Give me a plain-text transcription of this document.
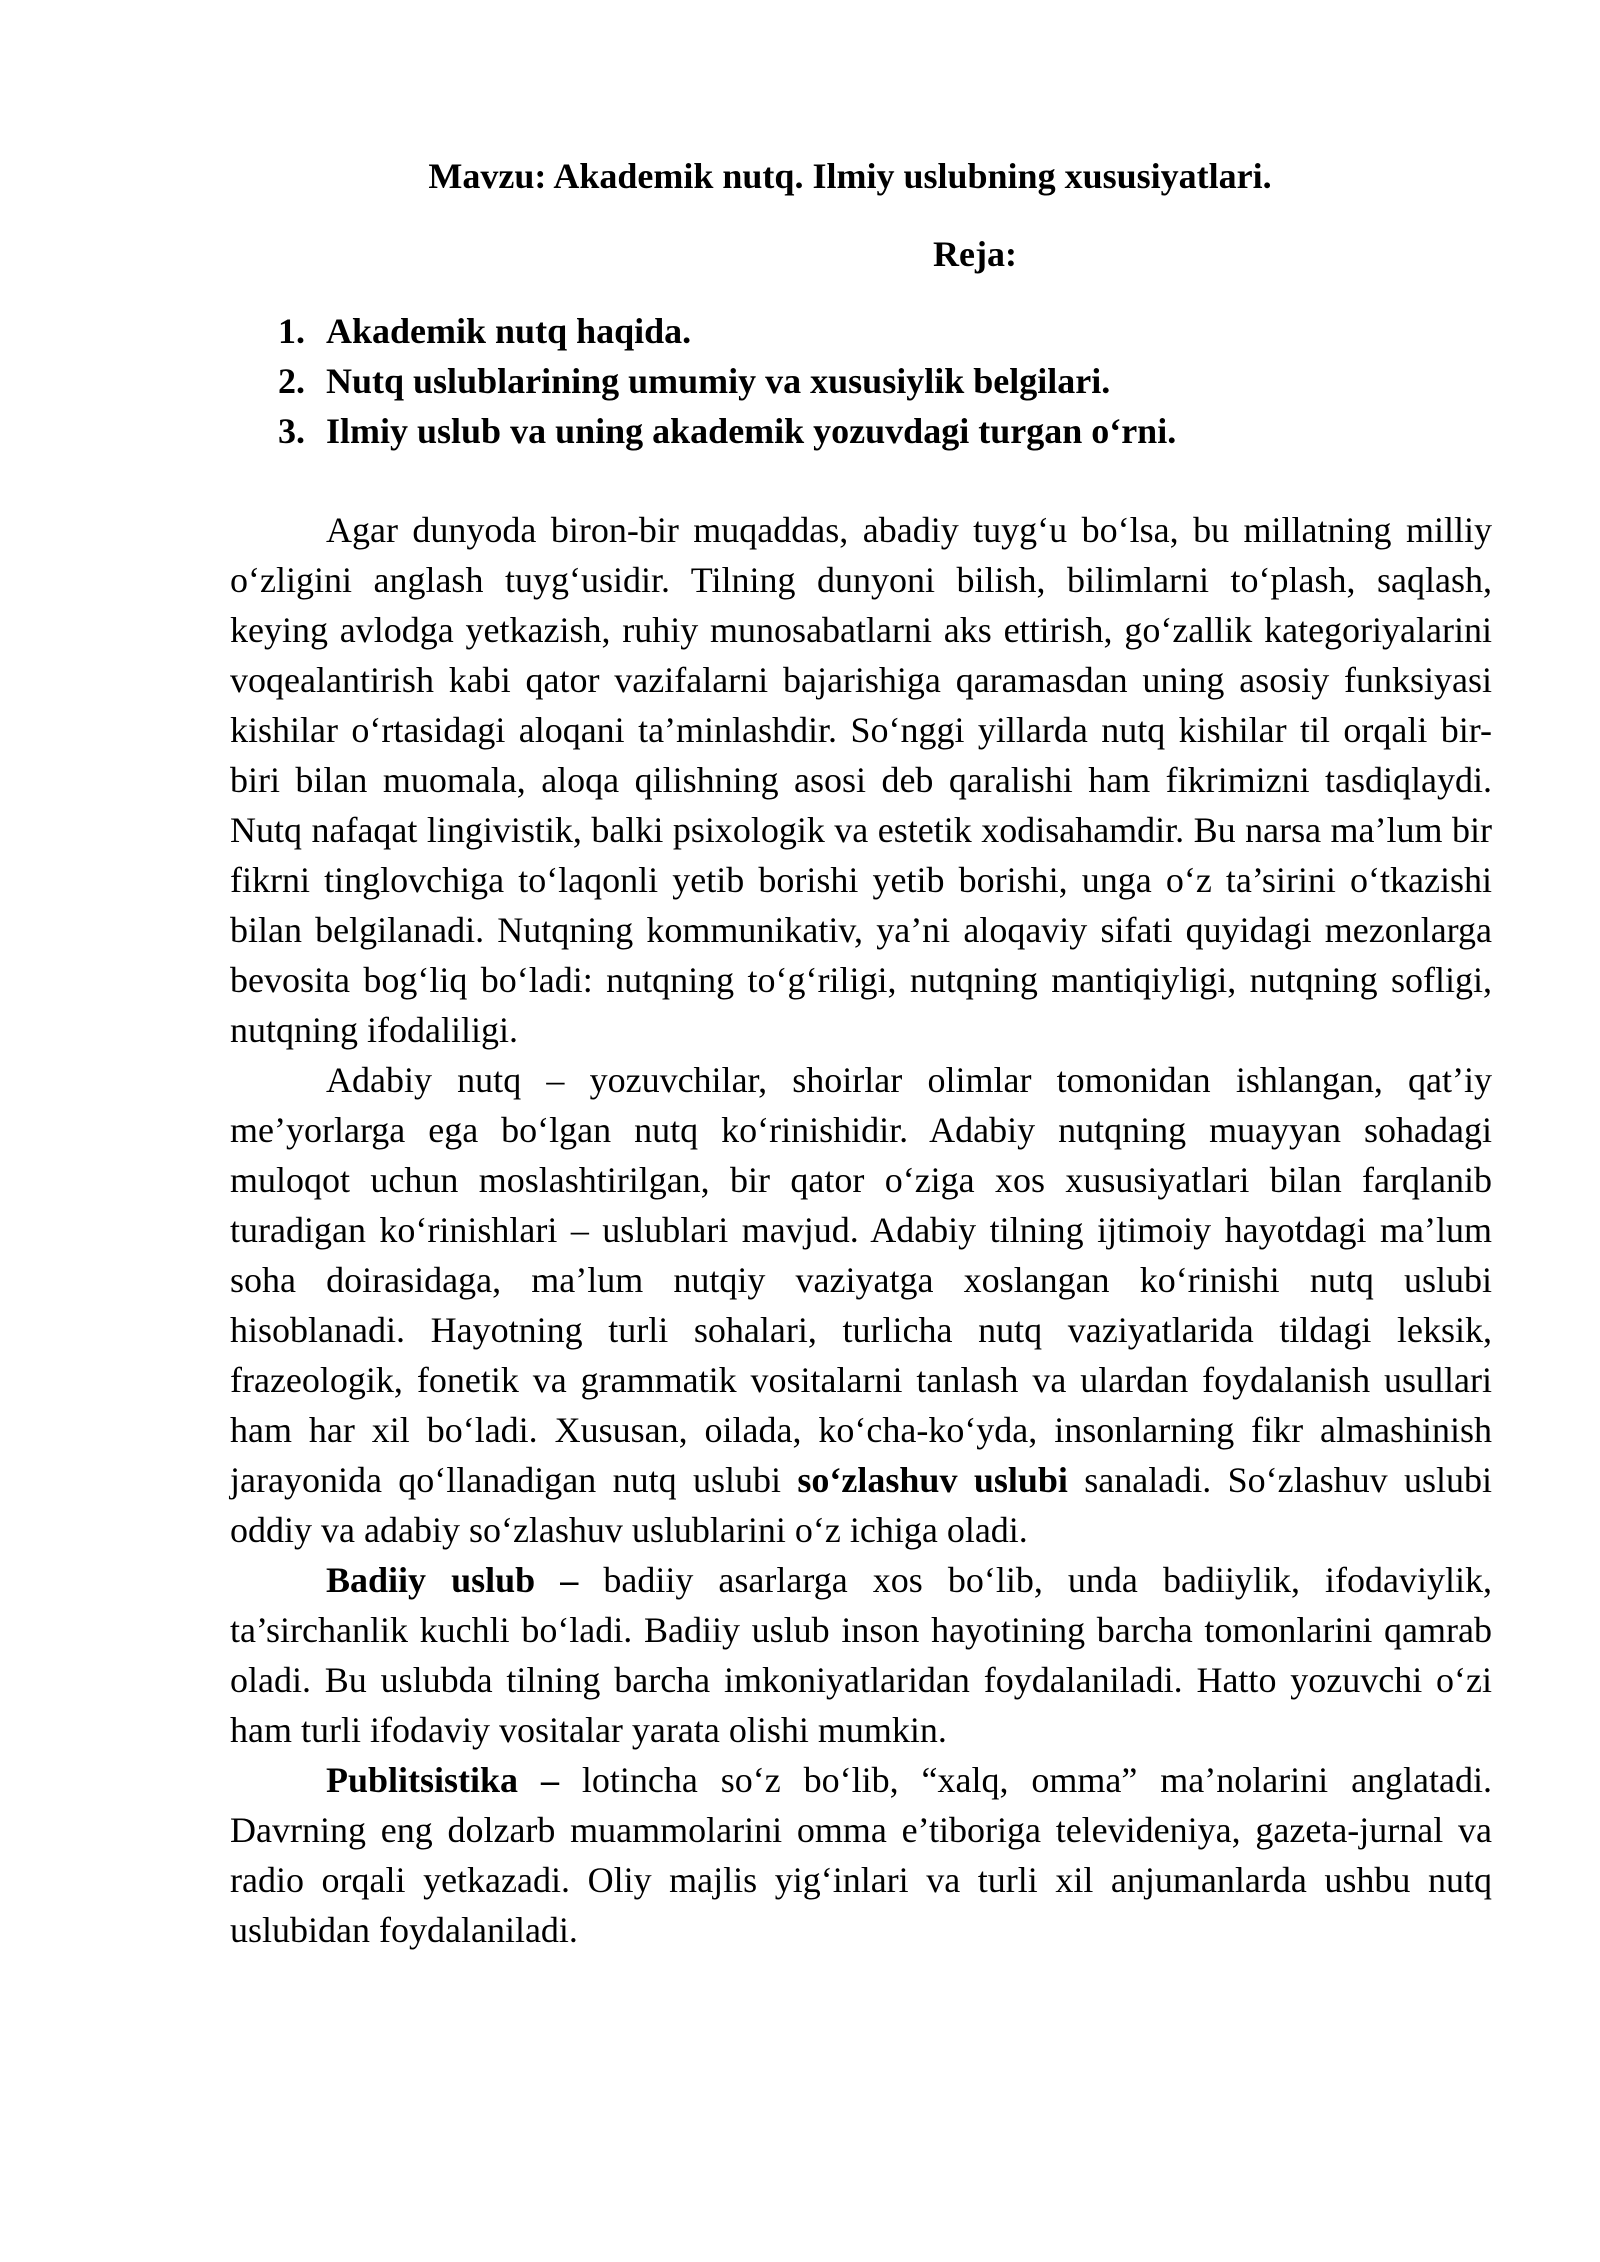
Mavzu: Akademik nutq. Ilmiy uslubning xususiyatlari.
Reja:
1. Akademik nutq haqida.
2. Nutq uslublarining umumiy va xususiylik belgilari.
3. Ilmiy uslub va uning akademik yozuvdagi turgan o‘rni.

Agar dunyoda biron-bir muqaddas, abadiy tuyg‘u bo‘lsa, bu millatning milliy o‘zligini anglash tuyg‘usidir. Tilning dunyoni bilish, bilimlarni to‘plash, saqlash, keying avlodga yetkazish, ruhiy munosabatlarni aks ettirish, go‘zallik kategoriyalarini voqealantirish kabi qator vazifalarni bajarishiga qaramasdan uning asosiy funksiyasi kishilar o‘rtasidagi aloqani ta’minlashdir. So‘nggi yillarda nutq kishilar til orqali bir-biri bilan muomala, aloqa qilishning asosi deb qaralishi ham fikrimizni tasdiqlaydi. Nutq nafaqat lingivistik, balki psixologik va estetik xodisahamdir. Bu narsa ma’lum bir fikrni tinglovchiga to‘laqonli yetib borishi yetib borishi, unga o‘z ta’sirini o‘tkazishi bilan belgilanadi. Nutqning kommunikativ, ya’ni aloqaviy sifati quyidagi mezonlarga bevosita bog‘liq bo‘ladi: nutqning to‘g‘riligi, nutqning mantiqiyligi, nutqning sofligi, nutqning ifodaliligi.

Adabiy nutq – yozuvchilar, shoirlar olimlar tomonidan ishlangan, qat’iy me’yorlarga ega bo‘lgan nutq ko‘rinishidir. Adabiy nutqning muayyan sohadagi muloqot uchun moslashtirilgan, bir qator o‘ziga xos xususiyatlari bilan farqlanib turadigan ko‘rinishlari – uslublari mavjud. Adabiy tilning ijtimoiy hayotdagi ma’lum soha doirasidaga, ma’lum nutqiy vaziyatga xoslangan ko‘rinishi nutq uslubi hisoblanadi. Hayotning turli sohalari, turlicha nutq vaziyatlarida tildagi leksik, frazeologik, fonetik va grammatik vositalarni tanlash va ulardan foydalanish usullari ham har xil bo‘ladi. Xususan, oilada, ko‘cha-ko‘yda, insonlarning fikr almashinish jarayonida qo‘llanadigan nutq uslubi so‘zlashuv uslubi sanaladi. So‘zlashuv uslubi oddiy va adabiy so‘zlashuv uslublarini o‘z ichiga oladi.

Badiiy uslub – badiiy asarlarga xos bo‘lib, unda badiiylik, ifodaviylik, ta’sirchanlik kuchli bo‘ladi. Badiiy uslub inson hayotining barcha tomonlarini qamrab oladi. Bu uslubda tilning barcha imkoniyatlaridan foydalaniladi. Hatto yozuvchi o‘zi ham turli ifodaviy vositalar yarata olishi mumkin.

Publitsistika – lotincha so‘z bo‘lib, “xalq, omma” ma’nolarini anglatadi. Davrning eng dolzarb muammolarini omma e’tiboriga televideniya, gazeta-jurnal va radio orqali yetkazadi. Oliy majlis yig‘inlari va turli xil anjumanlarda ushbu nutq uslubidan foydalaniladi.
